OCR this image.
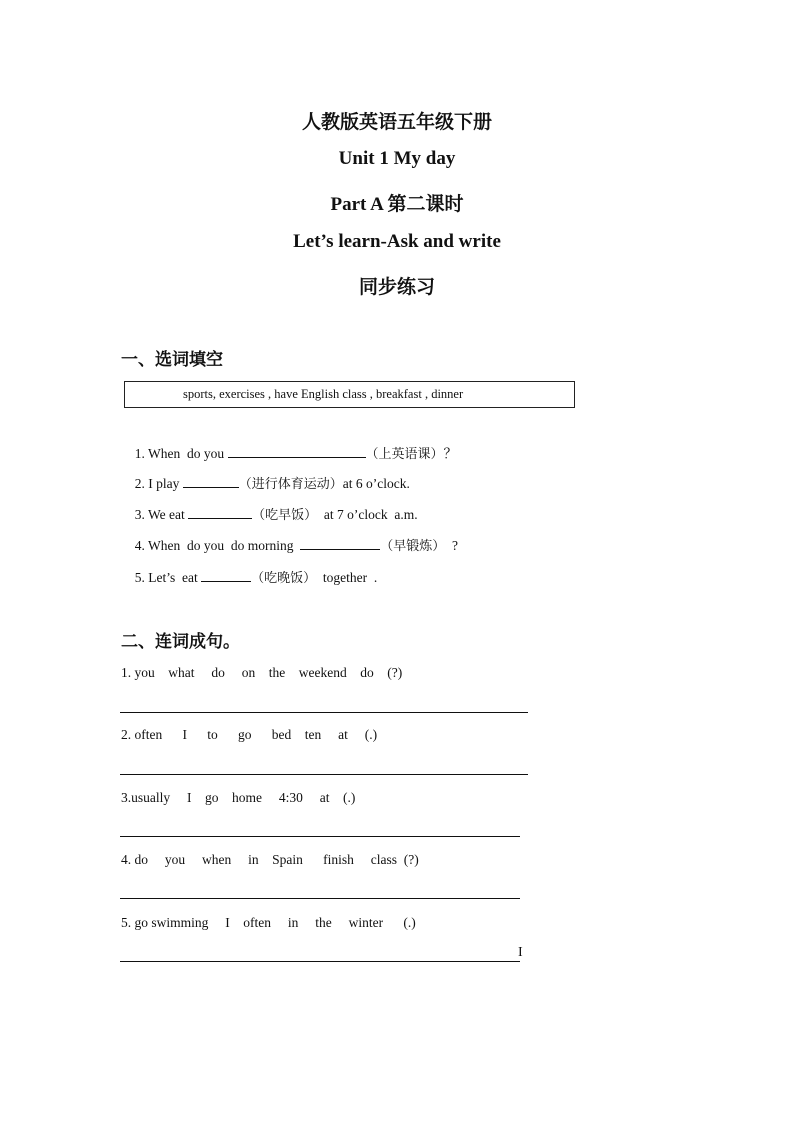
人教版英语五年级下册
Unit 1 My day
Part A 第二课时
Let’s learn-Ask and write
同步练习
一、选词填空
sports, exercises , have English class , breakfast , dinner

1. When  do you	（上英语课）？

2. I play	（进行体育运动）at 6 o’clock.

3. We eat	（吃早饭）  at 7 o’clock  a.m.

4. When  do you  do morning	（早锻炼）  ?

5. Let’s  eat	（吃晚饭）  together  .

二、连词成句。
1. you    what     do     on    the    weekend    do    (?)
2. often      I      to      go      bed    ten     at     (.)
3.usually     I    go    home     4:30     at    (.)
4. do     you     when     in    Spain      finish     class  (?)
5. go swimming     I    often     in     the     winter      (.)
I
